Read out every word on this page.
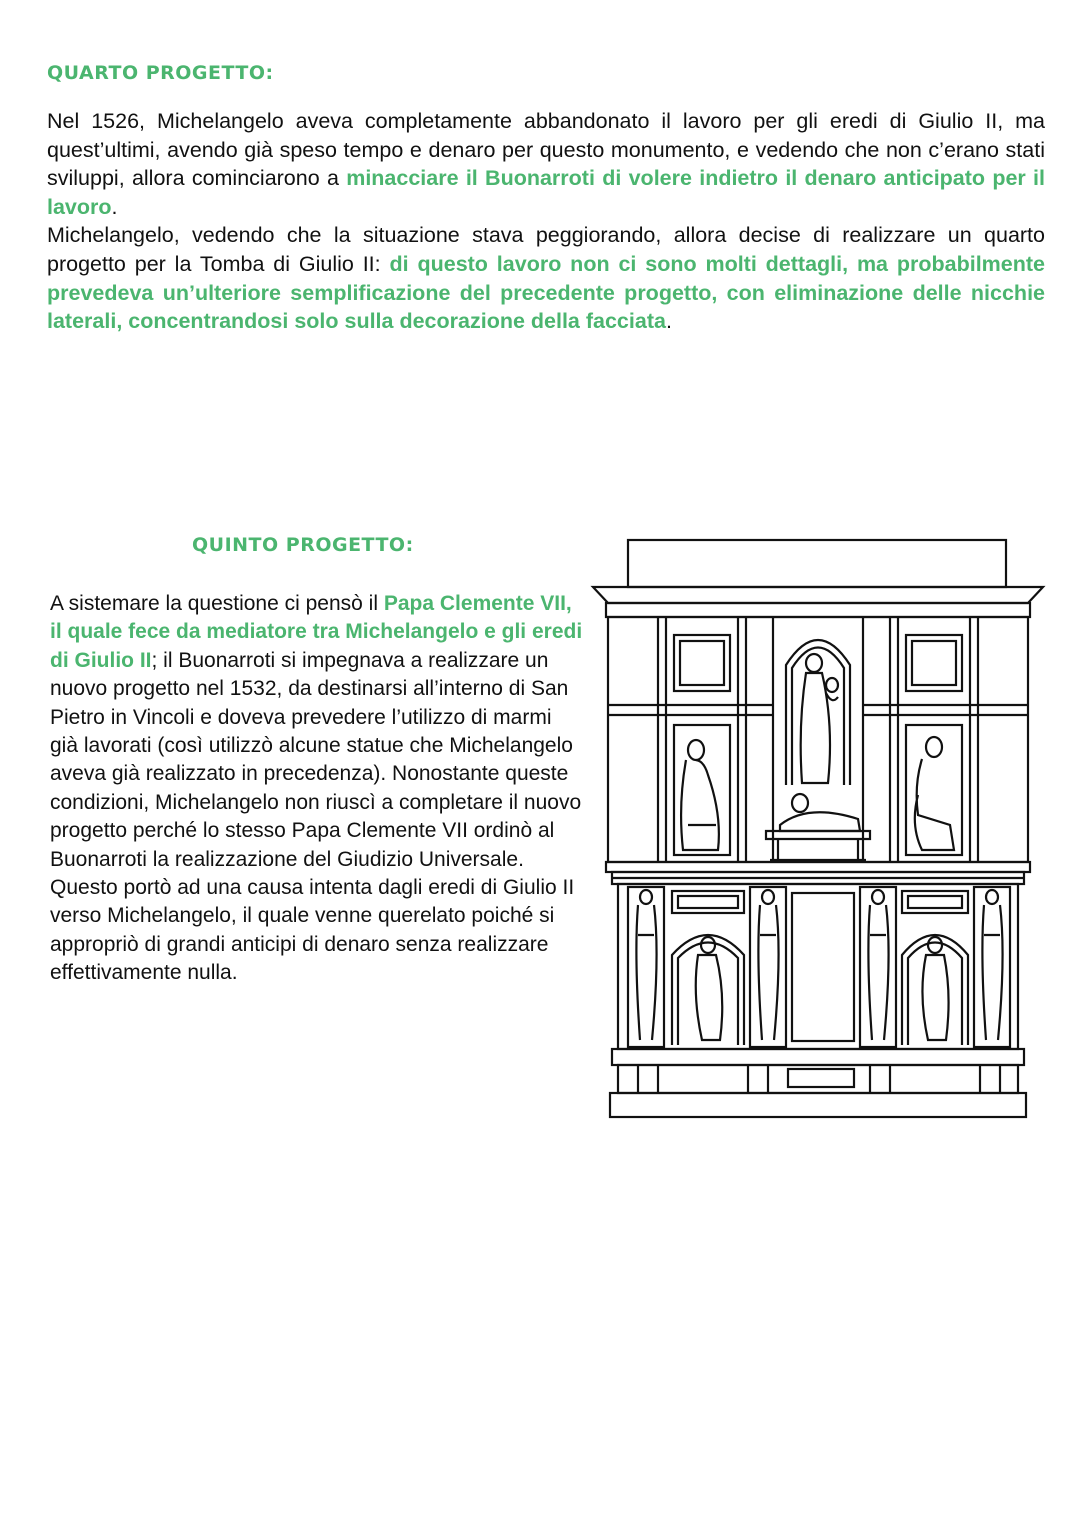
QUARTO PROGETTO:
Nel 1526, Michelangelo aveva completamente abbandonato il lavoro per gli eredi di Giulio II, ma quest’ultimi, avendo già speso tempo e denaro per questo monumento, e vedendo che non c’erano stati sviluppi, allora cominciarono a minacciare il Buonarroti di volere indietro il denaro anticipato per il lavoro.
Michelangelo, vedendo che la situazione stava peggiorando, allora decise di realizzare un quarto progetto per la Tomba di Giulio II: di questo lavoro non ci sono molti dettagli, ma probabilmente prevedeva un’ulteriore semplificazione del precedente progetto, con eliminazione delle nicchie laterali, concentrandosi solo sulla decorazione della facciata.
QUINTO PROGETTO:
A sistemare la questione ci pensò il Papa Clemente VII, il quale fece da mediatore tra Michelangelo e gli eredi di Giulio II; il Buonarroti si impegnava a realizzare un nuovo progetto nel 1532, da destinarsi all’interno di San Pietro in Vincoli e doveva prevedere l’utilizzo di marmi già lavorati (così utilizzò alcune statue che Michelangelo aveva già realizzato in precedenza). Nonostante queste condizioni, Michelangelo non riuscì a completare il nuovo progetto perché lo stesso Papa Clemente VII ordinò al Buonarroti la realizzazione del Giudizio Universale.
Questo portò ad una causa intenta dagli eredi di Giulio II verso Michelangelo, il quale venne querelato poiché si appropriò di grandi anticipi di denaro senza realizzare effettivamente nulla.
